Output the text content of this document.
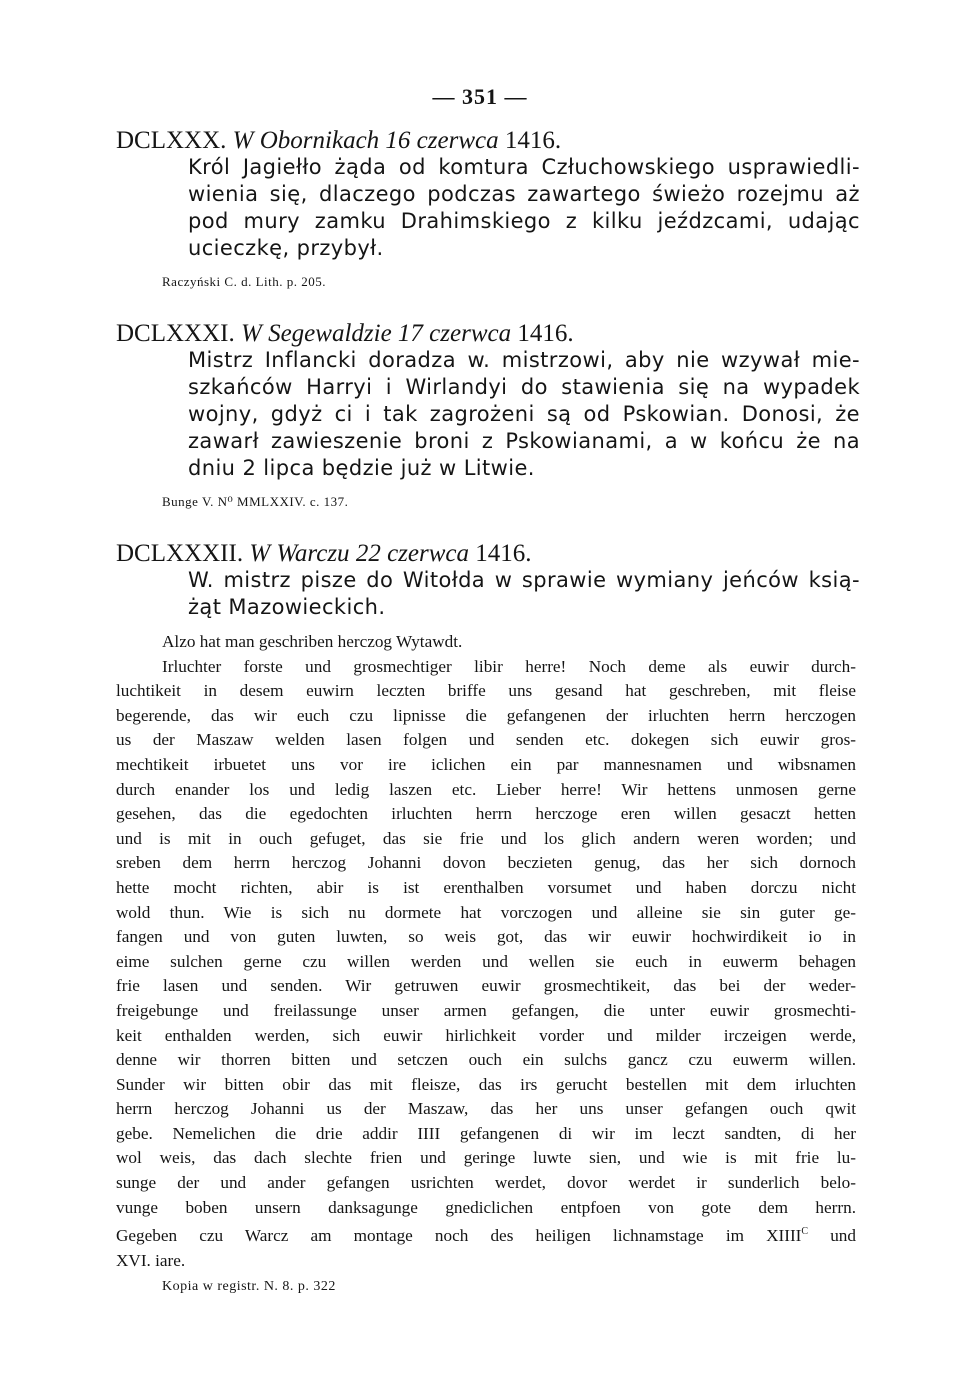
— 351 —
DCLXXX. W Obornikach 16 czerwca 1416.
Król Jagiełło żąda od komtura Człuchowskiego usprawiedli-
wienia się, dlaczego podczas zawartego świeżo rozejmu aż
pod mury zamku Drahimskiego z kilku jeźdzcami, udając
ucieczkę, przybył.
Raczyński C. d. Lith. p. 205.
DCLXXXI. W Segewaldzie 17 czerwca 1416.
Mistrz Inflancki doradza w. mistrzowi, aby nie wzywał mie-
szkańców Harryi i Wirlandyi do stawienia się na wypadek
wojny, gdyż ci i tak zagrożeni są od Pskowian. Donosi, że
zawarł zawieszenie broni z Pskowianami, a w końcu że na
dniu 2 lipca będzie już w Litwie.
Bunge V. N⁰ MMLXXIV. c. 137.
DCLXXXII. W Warczu 22 czerwca 1416.
W. mistrz pisze do Witołda w sprawie wymiany jeńców ksią-
żąt Mazowieckich.
Alzo hat man geschriben herczog Wytawdt.
Irluchter forste und grosmechtiger libir herre! Noch deme als euwir durch-
luchtikeit in desem euwirn leczten briffe uns gesand hat geschreben, mit fleise
begerende, das wir euch czu lipnisse die gefangenen der irluchten herrn herczogen
us der Maszaw welden lasen folgen und senden etc. dokegen sich euwir gros-
mechtikeit irbuetet uns vor ire iclichen ein par mannesnamen und wibsnamen
durch enander los und ledig laszen etc. Lieber herre! Wir hettens unmosen gerne
gesehen, das die egedochten irluchten herrn herczoge eren willen gesaczt hetten
und is mit in ouch gefuget, das sie frie und los glich andern weren worden; und
sreben dem herrn herczog Johanni dovon beczieten genug, das her sich dornoch
hette mocht richten, abir is ist erenthalben vorsumet und haben dorczu nicht
wold thun. Wie is sich nu dormete hat vorczogen und alleine sie sin guter ge-
fangen und von guten luwten, so weis got, das wir euwir hochwirdikeit io in
eime sulchen gerne czu willen werden und wellen sie euch in euwerm behagen
frie lasen und senden. Wir getruwen euwir grosmechtikeit, das bei der weder-
freigebunge und freilassunge unser armen gefangen, die unter euwir grosmechti-
keit enthalden werden, sich euwir hirlichkeit vorder und milder irczeigen werde,
denne wir thorren bitten und setczen ouch ein sulchs gancz czu euwerm willen.
Sunder wir bitten obir das mit fleisze, das irs gerucht bestellen mit dem irluchten
herrn herczog Johanni us der Maszaw, das her uns unser gefangen ouch qwit
gebe. Nemelichen die drie addir IIII gefangenen di wir im leczt sandten, di her
wol weis, das dach slechte frien und geringe luwte sien, und wie is mit frie lu-
sunge der und ander gefangen usrichten werdet, dovor werdet ir sunderlich belo-
vunge boben unsern danksagunge gnediclichen entpfoen von gote dem herrn.
Gegeben czu Warcz am montage noch des heiligen lichnamstage im $XIIII^C$ und
XVI. iare.
Kopia w registr. N. 8. p. 322
